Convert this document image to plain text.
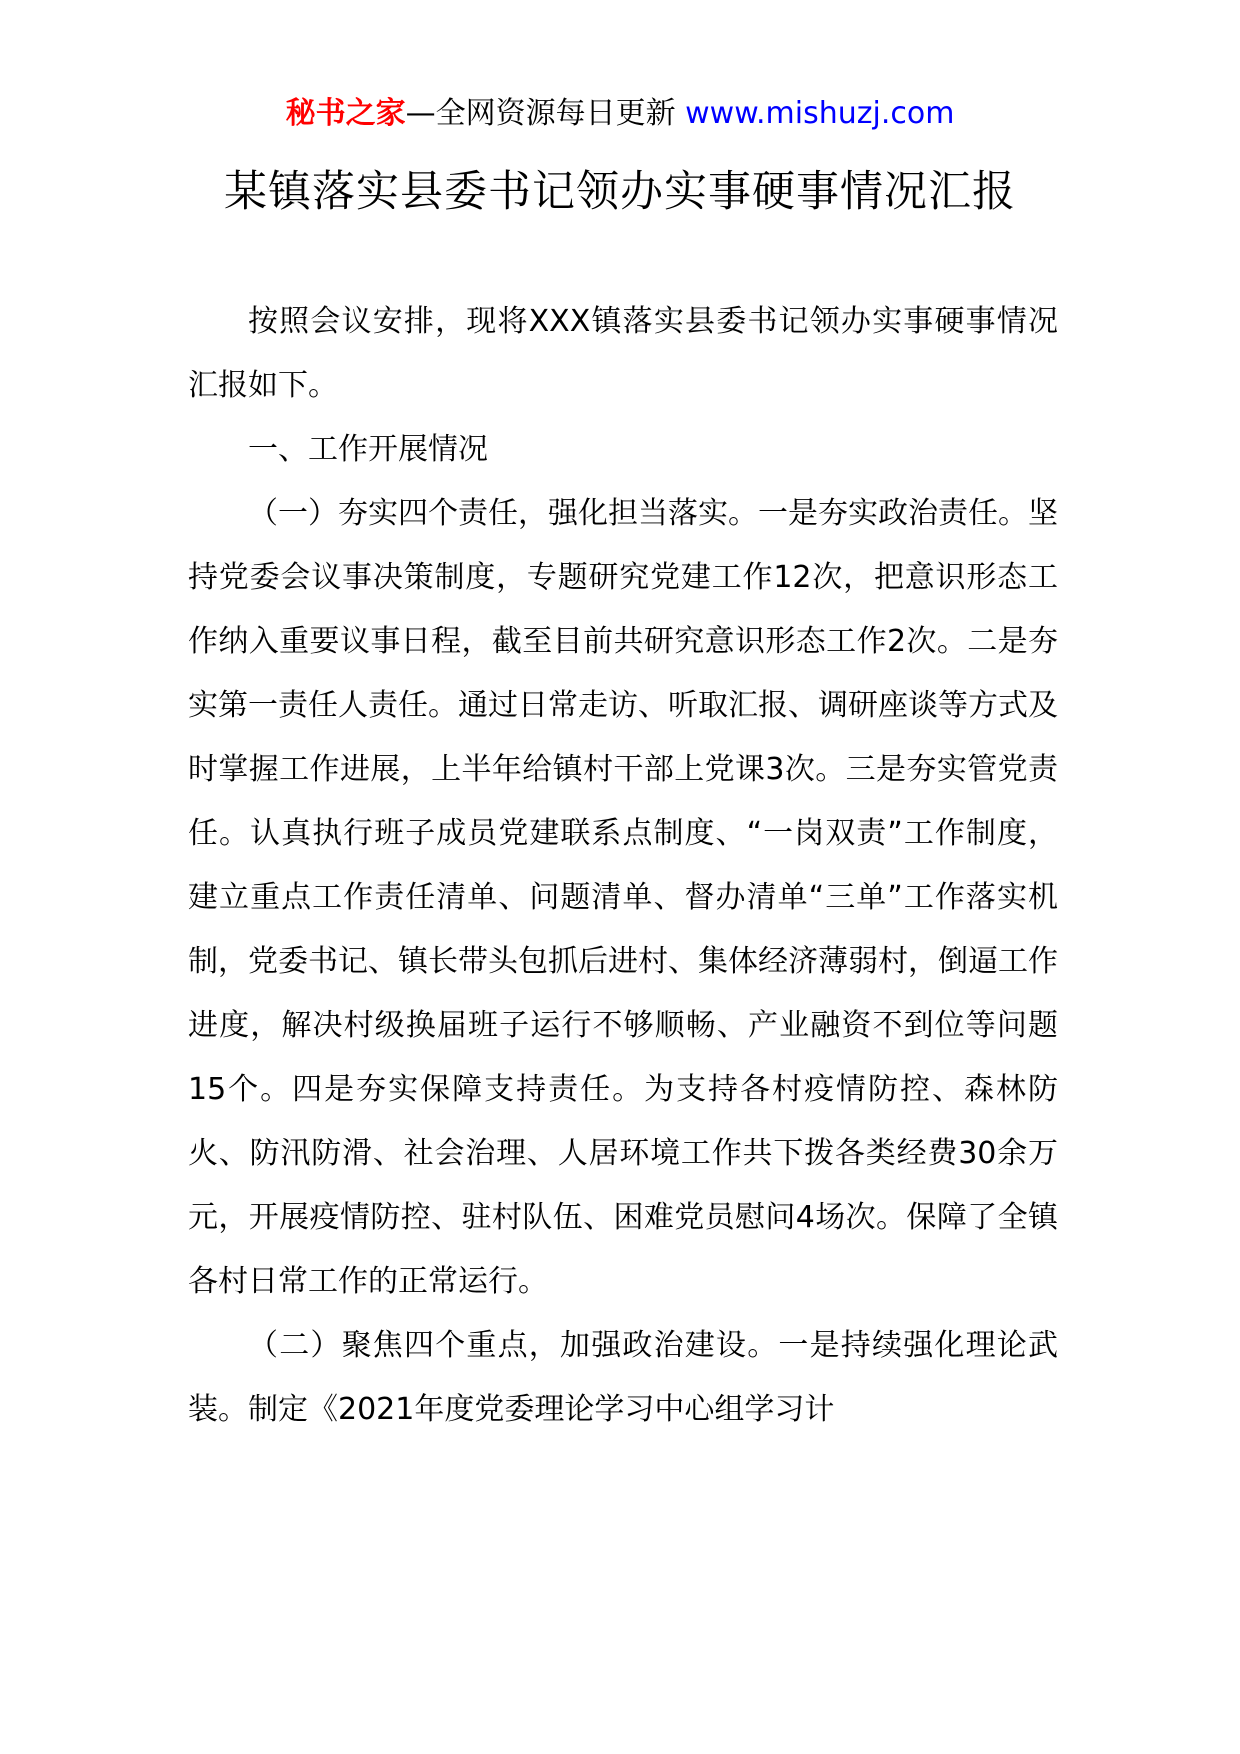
秘书之家—全网资源每日更新 www.mishuzj.com
某镇落实县委书记领办实事硬事情况汇报

按照会议安排，现将XXX镇落实县委书记领办实事硬事情况汇报如下。

一、工作开展情况

（一）夯实四个责任，强化担当落实。一是夯实政治责任。坚持党委会议事决策制度，专题研究党建工作12次，把意识形态工作纳入重要议事日程，截至目前共研究意识形态工作2次。二是夯实第一责任人责任。通过日常走访、听取汇报、调研座谈等方式及时掌握工作进展，上半年给镇村干部上党课3次。三是夯实管党责任。认真执行班子成员党建联系点制度、“一岗双责”工作制度，建立重点工作责任清单、问题清单、督办清单“三单”工作落实机制，党委书记、镇长带头包抓后进村、集体经济薄弱村，倒逼工作进度，解决村级换届班子运行不够顺畅、产业融资不到位等问题15个。四是夯实保障支持责任。为支持各村疫情防控、森林防火、防汛防滑、社会治理、人居环境工作共下拨各类经费30余万元，开展疫情防控、驻村队伍、困难党员慰问4场次。保障了全镇各村日常工作的正常运行。

（二）聚焦四个重点，加强政治建设。一是持续强化理论武装。制定《2021年度党委理论学习中心组学习计
